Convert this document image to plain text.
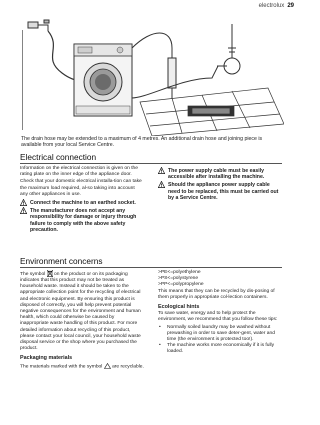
electrolux 29
The drain hose may be extended to a maximum of 4 metres. An additional drain hose and joining piece is available from your local Service Centre.
Electrical connection

Information on the electrical connection is given on the rating plate on the inner edge of the appliance door.

Check that your domestic electrical installa-tion can take the maximum load required, al-so taking into account any other appliances in use.

Connect the machine to an earthed socket.
The manufacturer does not accept any responsibility for damage or injury through failure to comply with the above safety precaution.
The power supply cable must be easily accessible after installing the machine.
Should the appliance power supply cable need to be replaced, this must be carried out by a Service Centre.
Environment concerns

The symbol on the product or on its packaging indicates that this product may not be treated as household waste. Instead it should be taken to the appropriate collection point for the recycling of electrical and electronic equipment. By ensuring this product is disposed of correctly, you will help prevent potential negative consequences for the environment and human health, which could otherwise be caused by inappropriate waste handling of this product. For more detailed information about recycling of this product, please contact your local council, your household waste disposal service or the shop where you purchased the product.

Packaging materials

The materials marked with the symbol are recyclable.

>PE<=polyethylene
>PS<=polystyrene
>PP<=polypropylene

This means that they can be recycled by dis-posing of them properly in appropriate col-lection containers.

Ecological hints

To save water, energy and to help protect the environment, we recommend that you follow these tips:

• Normally soiled laundry may be washed without prewashing in order to save deter-gent, water and time (the environment is protected too!).
• The machine works more economically if it is fully loaded.
